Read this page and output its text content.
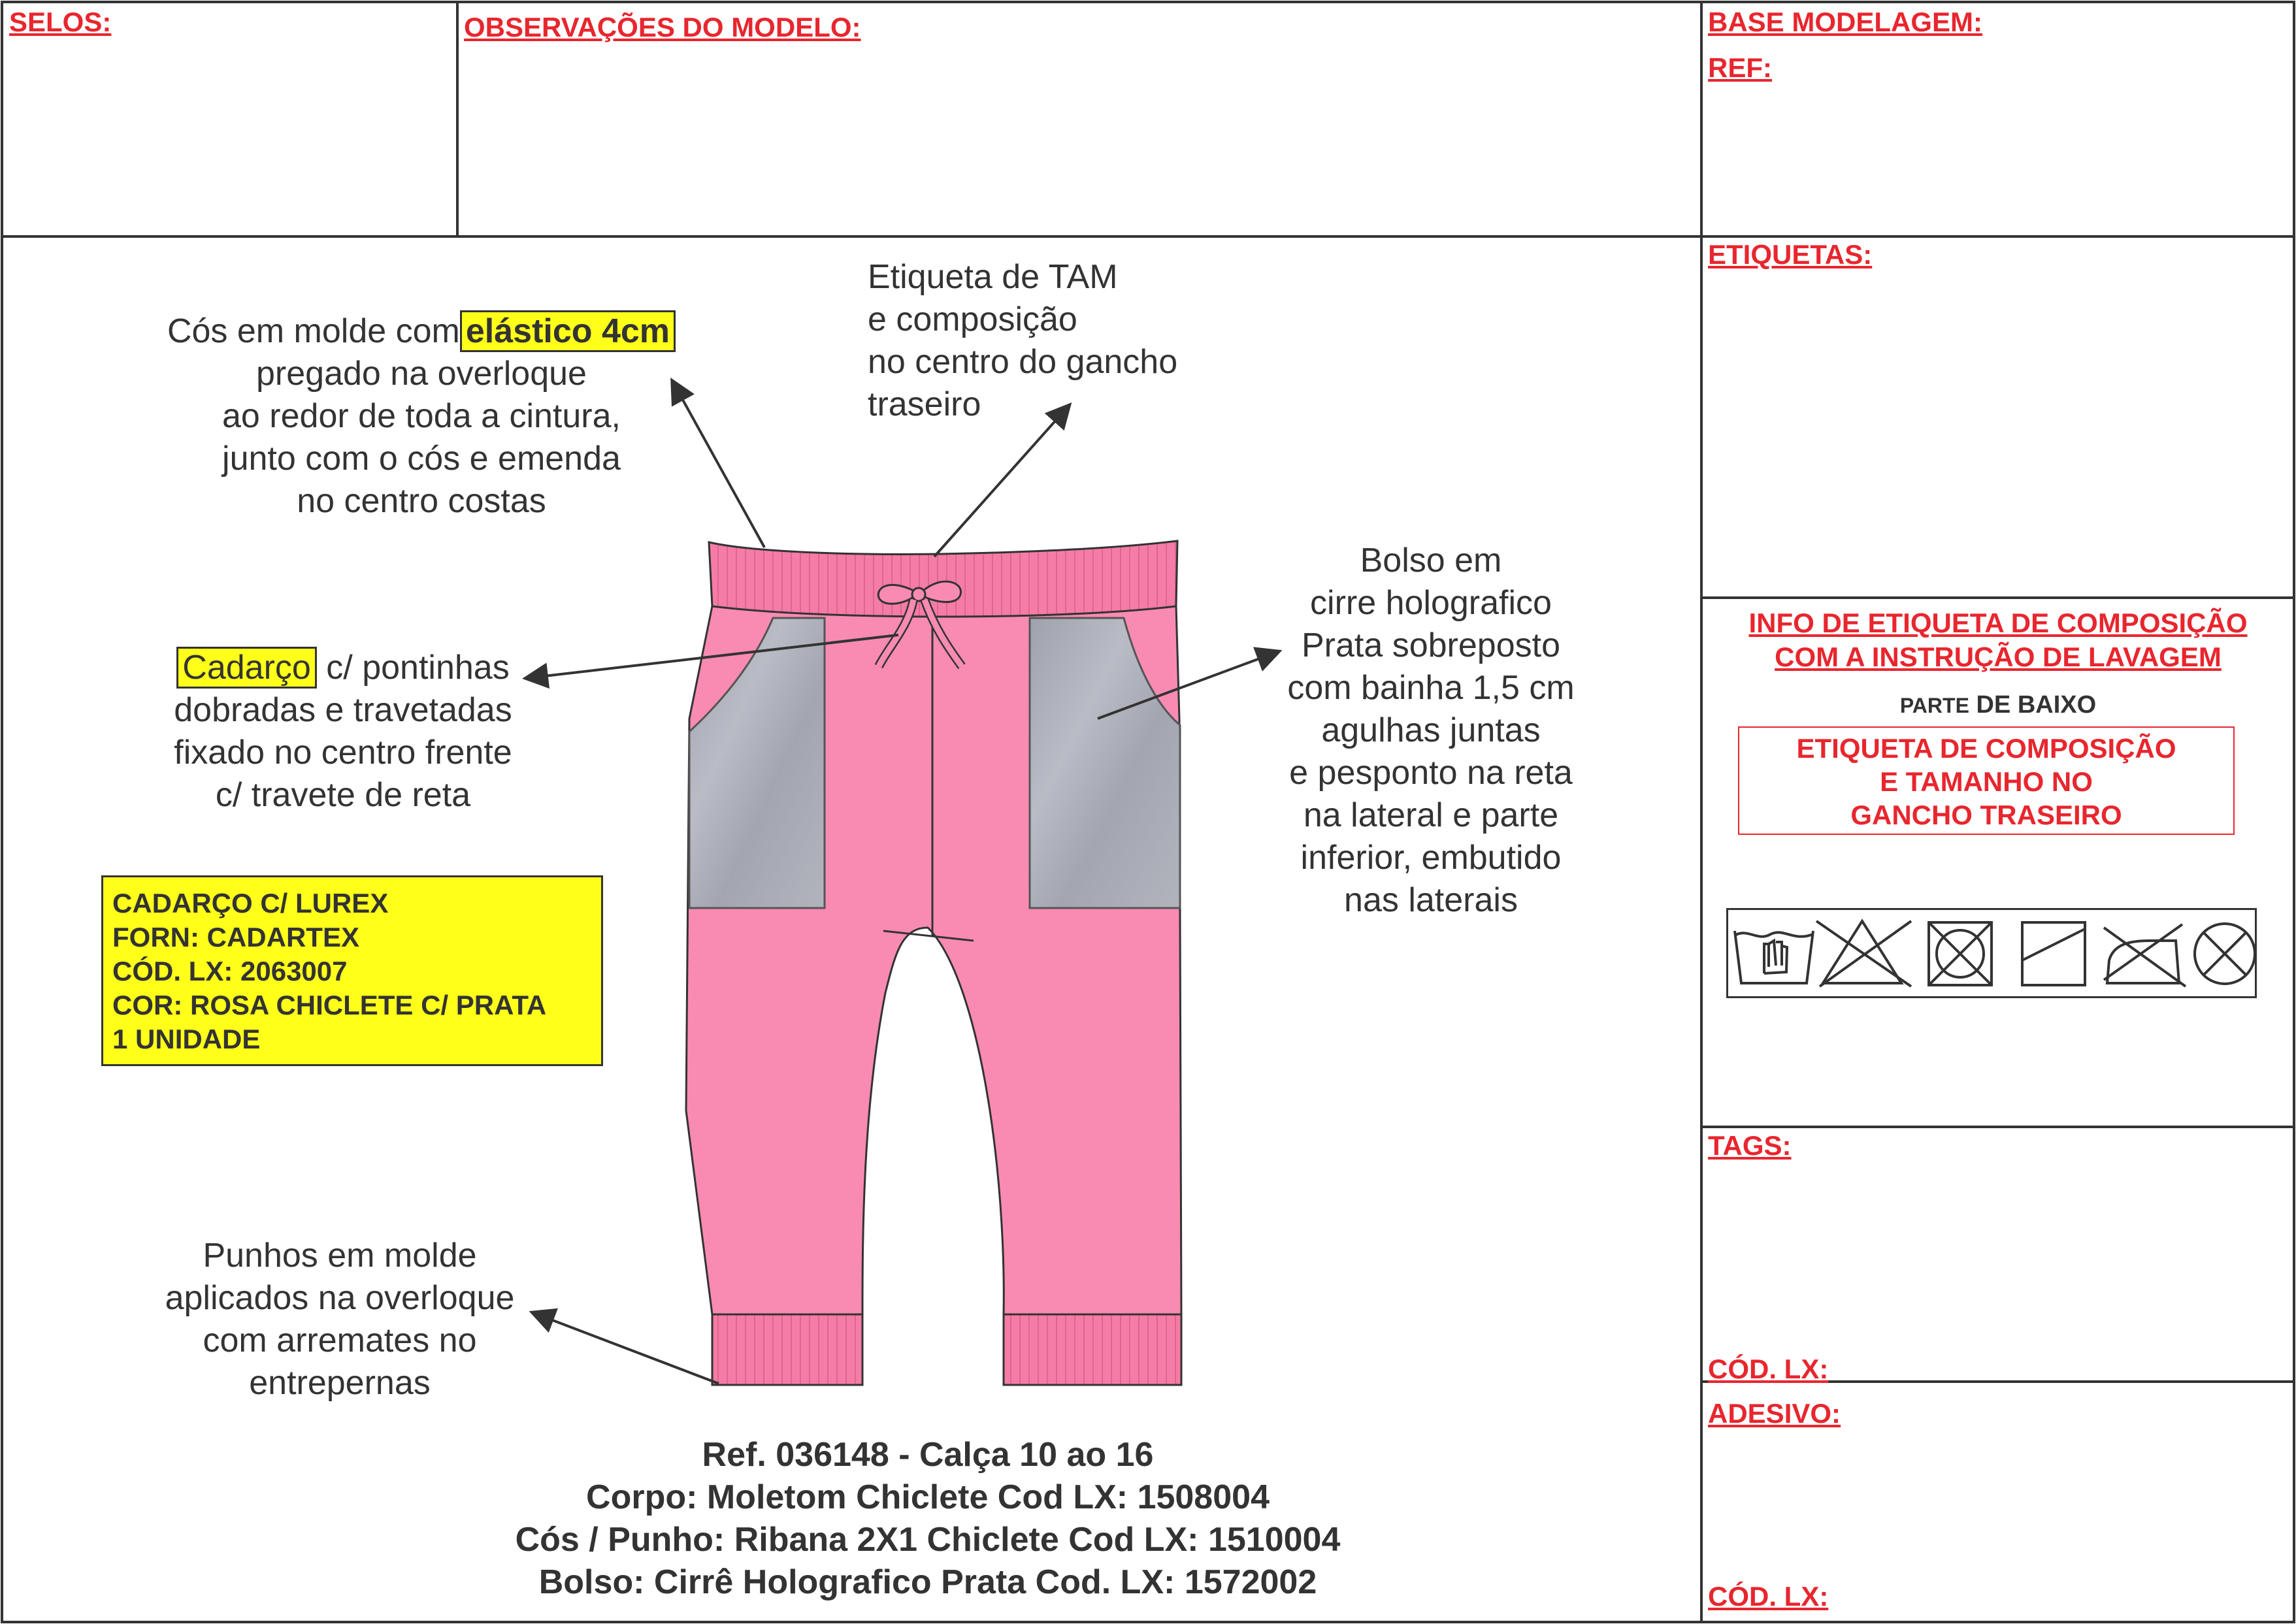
SELOS:	OBSERVAÇÕES DO MODELO:	BASE MODELAGEM:
REF:
ETIQUETAS:
INFO DE ETIQUETA DE COMPOSIÇÃO
COM A INSTRUÇÃO DE LAVAGEM
PARTE DE BAIXO
ETIQUETA DE COMPOSIÇÃO
E TAMANHO NO
GANCHO TRASEIRO
TAGS:
CÓD. LX:
ADESIVO:
CÓD. LX:
Cós em molde com elástico 4cm
pregado na overloque
ao redor de toda a cintura,
junto com o cós e emenda
no centro costas
Etiqueta de TAM
e composição
no centro do gancho
traseiro
Cadarço c/ pontinhas
dobradas e travetadas
fixado no centro frente
c/ travete de reta
Bolso em
cirre holografico
Prata sobreposto
com bainha 1,5 cm
agulhas juntas
e pesponto na reta
na lateral e parte
inferior, embutido
nas laterais
Punhos em molde
aplicados na overloque
com arremates no
entrepernas
CADARÇO C/ LUREX
FORN: CADARTEX
CÓD. LX: 2063007
COR: ROSA CHICLETE C/ PRATA
1 UNIDADE
Ref. 036148 - Calça 10 ao 16
Corpo: Moletom Chiclete Cod LX: 1508004
Cós / Punho: Ribana 2X1 Chiclete Cod LX: 1510004
Bolso: Cirrê Holografico Prata Cod. LX: 1572002
